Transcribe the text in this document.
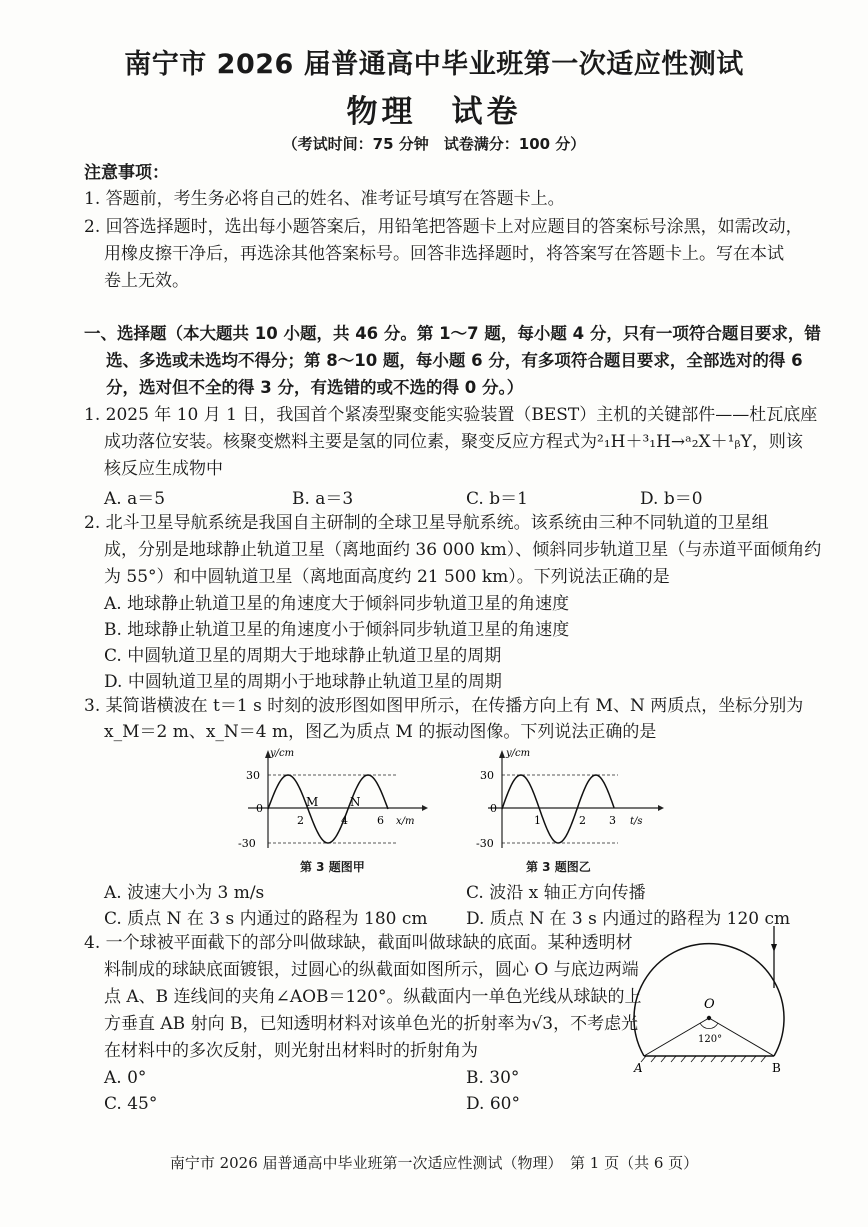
南宁市 2026 届普通高中毕业班第一次适应性测试
物理　试卷
（考试时间：75 分钟　试卷满分：100 分）
注意事项：
1. 答题前，考生务必将自己的姓名、准考证号填写在答题卡上。
2. 回答选择题时，选出每小题答案后，用铅笔把答题卡上对应题目的答案标号涂黑，如需改动，
用橡皮擦干净后，再选涂其他答案标号。回答非选择题时，将答案写在答题卡上。写在本试
卷上无效。
一、选择题（本大题共 10 小题，共 46 分。第 1～7 题，每小题 4 分，只有一项符合题目要求，错
选、多选或未选均不得分；第 8～10 题，每小题 6 分，有多项符合题目要求，全部选对的得 6
分，选对但不全的得 3 分，有选错的或不选的得 0 分。）
1. 2025 年 10 月 1 日，我国首个紧凑型聚变能实验装置（BEST）主机的关键部件——杜瓦底座
成功落位安装。核聚变燃料主要是氢的同位素，聚变反应方程式为²₁H＋³₁H→ᵃ₂X＋¹ᵦY，则该
核反应生成物中
A. a＝5	B. a＝3	C. b＝1	D. b＝0
2. 北斗卫星导航系统是我国自主研制的全球卫星导航系统。该系统由三种不同轨道的卫星组
成，分别是地球静止轨道卫星（离地面约 36 000 km）、倾斜同步轨道卫星（与赤道平面倾角约
为 55°）和中圆轨道卫星（离地面高度约 21 500 km）。下列说法正确的是
A. 地球静止轨道卫星的角速度大于倾斜同步轨道卫星的角速度
B. 地球静止轨道卫星的角速度小于倾斜同步轨道卫星的角速度
C. 中圆轨道卫星的周期大于地球静止轨道卫星的周期
D. 中圆轨道卫星的周期小于地球静止轨道卫星的周期
3. 某简谐横波在 t＝1 s 时刻的波形图如图甲所示，在传播方向上有 M、N 两质点，坐标分别为
x_M＝2 m、x_N＝4 m，图乙为质点 M 的振动图像。下列说法正确的是
y/cm
30
0
-30
2	4	6
M	N
x/m
第 3 题图甲
y/cm
30
0
-30
1	2 3 t/s
第 3 题图乙
A. 波速大小为 3 m/s	C. 波沿 x 轴正方向传播
C. 质点 N 在 3 s 内通过的路程为 180 cm D. 质点 N 在 3 s 内通过的路程为 120 cm
4. 一个球被平面截下的部分叫做球缺，截面叫做球缺的底面。某种透明材
料制成的球缺底面镀银，过圆心的纵截面如图所示，圆心 O 与底边两端
点 A、B 连线间的夹角∠AOB＝120°。纵截面内一单色光线从球缺的上
方垂直 AB 射向 B，已知透明材料对该单色光的折射率为√3，不考虑光
在材料中的多次反射，则光射出材料时的折射角为
A. 0°	B. 30°
C. 45°	D. 60°
O
120°
A	B
南宁市 2026 届普通高中毕业班第一次适应性测试（物理）　第 1 页（共 6 页）
